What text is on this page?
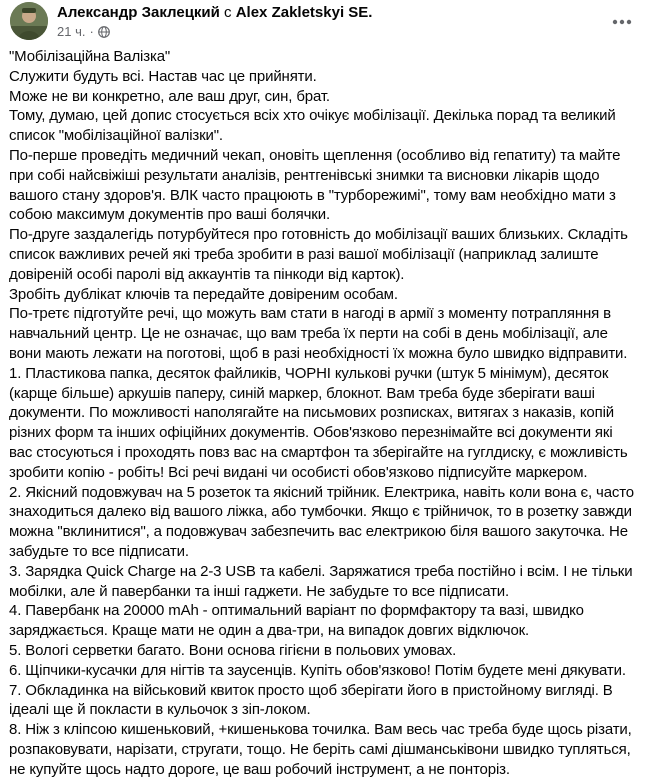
Александр Заклецкий с Alex Zakletskyi SE.
21 ч. ·

"Мобілізаційна Валізка"

Служити будуть всі. Настав час це прийняти.

Може не ви конкретно, але ваш друг, син, брат.

Тому, думаю, цей допис стосується всіх хто очікує мобілізації. Декілька порад та великий список "мобілізаційної валізки".

По-перше проведіть медичний чекап, оновіть щеплення (особливо від гепатиту) та майте при собі найсвіжіші результати аналізів, рентгенівські знимки та висновки лікарів щодо вашого стану здоров'я. ВЛК часто працюють в "турборежимі", тому вам необхідно мати з собою максимум документів про ваші болячки.

По-друге заздалегідь потурбуйтеся про готовність до мобілізації ваших близьких. Складіть список важливих речей які треба зробити в разі вашої мобілізації (наприклад залиште довіреній особі паролі від аккаунтів та пінкоди від карток).

Зробіть дублікат ключів та передайте довіреним особам.

По-третє підготуйте речі, що можуть вам стати в нагоді в армії з моменту потрапляння в навчальний центр. Це не означає, що вам треба їх перти на собі в день мобілізації, але вони мають лежати на поготові, щоб в разі необхідності їх можна було швидко відправити.

1. Пластикова папка, десяток файликів, ЧОРНІ кулькові ручки (штук 5 мінімум), десяток (карще більше) аркушів паперу, синій маркер, блокнот. Вам треба буде зберігати ваші документи. По можливості наполягайте на письмових розписках, витягах з наказів, копій різних форм та інших офіційних документів. Обов'язково перезнімайте всі документи які вас стосуються і проходять повз вас на смартфон та зберігайте на гуглдиску, є можливість зробити копію - робіть! Всі речі видані чи особисті обов'язково підписуйте маркером.

2. Якісний подовжувач на 5 розеток та якісний трійник. Електрика, навіть коли вона є, часто знаходиться далеко від вашого ліжка, або тумбочки. Якщо є трійничок, то в розетку завжди можна "вклинитися", а подовжувач забезпечить вас електрикою біля вашого закуточка. Не забудьте то все підписати.

3. Зарядка Quick Charge на 2-3 USB та кабелі. Заряжатися треба постійно і всім. І не тільки мобілки, але й павербанки та інші гаджети. Не забудьте то все підписати.

4. Павербанк на 20000 mAh - оптимальний варіант по формфактору та вазі, швидко заряджається. Краще мати не один а два-три, на випадок довгих відключок.

5. Вологі серветки багато. Вони основа гігієни в польових умовах.

6. Щіпчики-кусачки для нігтів та заусенців. Купіть обов'язково! Потім будете мені дякувати.

7. Обкладинка на військовий квиток просто щоб зберігати його в пристойному вигляді. В ідеалі ще й покласти в кульочок з зіп-локом.

8. Ніж з клiпсою кишеньковий, +кишенькова точилка. Вам весь час треба буде щось різати, розпаковувати, нарізати, стругати, тощо. Не беріть самі дішманськівони швидко тупляться, не купуйте щось надто дороге, це ваш робочий інструмент, а не понторіз.
